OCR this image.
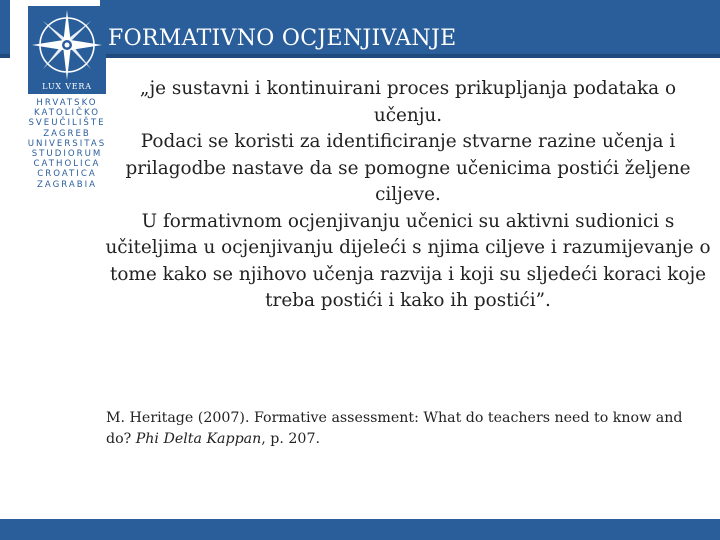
FORMATIVNO OCJENJIVANJE
LUX VERA
HRVATSKO
KATOLIČKO
SVEUČILIŠTE
ZAGREB
UNIVERSITAS
STUDIORUM
CATHOLICA
CROATICA
ZAGRABIA

„je sustavni i kontinuirani proces prikupljanja podataka o učenju.

Podaci se koristi za identificiranje stvarne razine učenja i prilagodbe nastave da se pomogne učenicima postići željene ciljeve.

U formativnom ocjenjivanju učenici su aktivni sudionici s učiteljima u ocjenjivanju dijeleći s njima ciljeve i razumijevanje o tome kako se njihovo učenja razvija i koji su sljedeći koraci koje treba postići i kako ih postići”.

M. Heritage (2007). Formative assessment: What do teachers need to know and do? Phi Delta Kappan, p. 207.
